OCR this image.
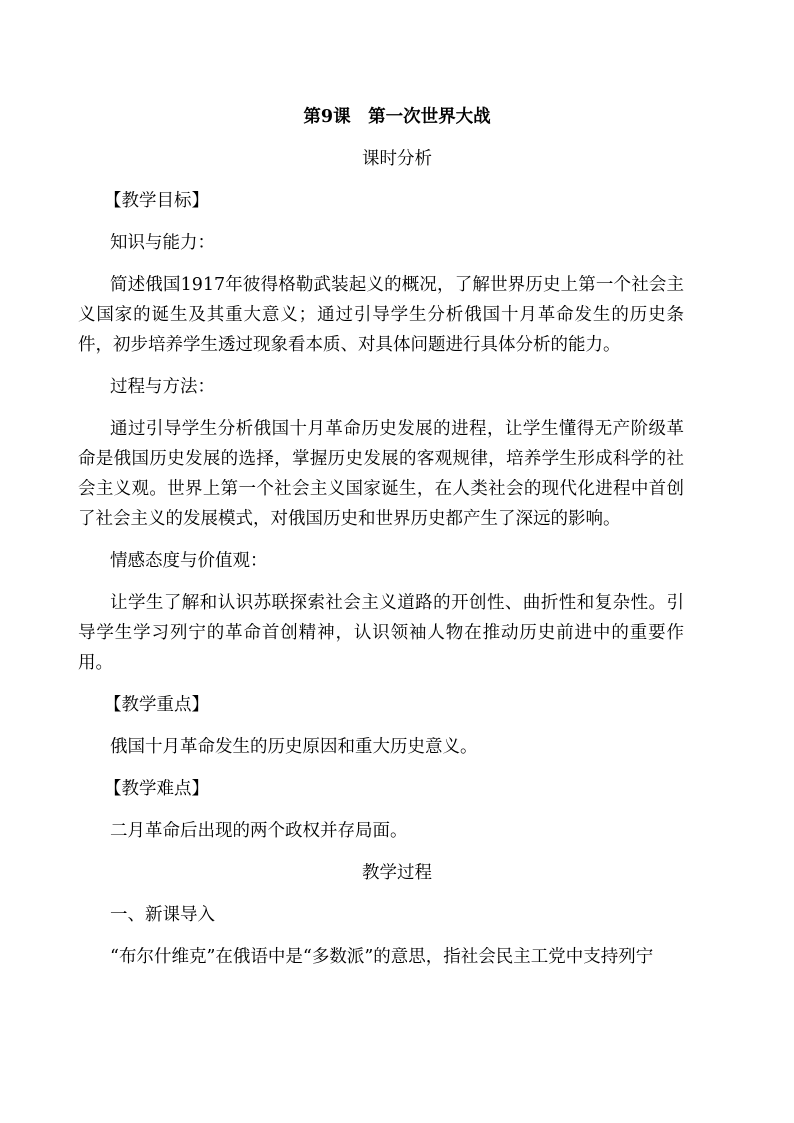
第9课　第一次世界大战
课时分析
【教学目标】
知识与能力：
简述俄国1917年彼得格勒武装起义的概况，了解世界历史上第一个社会主义国家的诞生及其重大意义；通过引导学生分析俄国十月革命发生的历史条件，初步培养学生透过现象看本质、对具体问题进行具体分析的能力。
过程与方法：
通过引导学生分析俄国十月革命历史发展的进程，让学生懂得无产阶级革命是俄国历史发展的选择，掌握历史发展的客观规律，培养学生形成科学的社会主义观。世界上第一个社会主义国家诞生，在人类社会的现代化进程中首创了社会主义的发展模式，对俄国历史和世界历史都产生了深远的影响。
情感态度与价值观：
让学生了解和认识苏联探索社会主义道路的开创性、曲折性和复杂性。引导学生学习列宁的革命首创精神，认识领袖人物在推动历史前进中的重要作用。
【教学重点】
俄国十月革命发生的历史原因和重大历史意义。
【教学难点】
二月革命后出现的两个政权并存局面。
教学过程
一、新课导入
“布尔什维克”在俄语中是“多数派”的意思，指社会民主工党中支持列宁
